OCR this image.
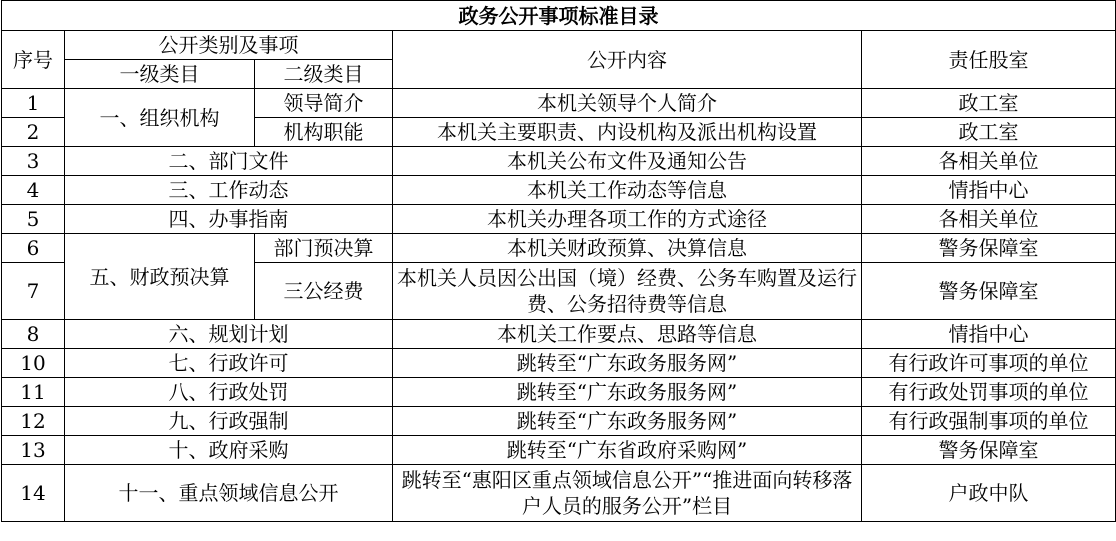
政务公开事项标准目录				
序号	公开类别及事项		公开内容	责任股室
	一级类目	二级类目		
1	一、组织机构	领导简介	本机关领导个人简介	政工室
2		机构职能	本机关主要职责、内设机构及派出机构设置	政工室
3	二、部门文件		本机关公布文件及通知公告	各相关单位
4	三、工作动态		本机关工作动态等信息	情指中心
5	四、办事指南		本机关办理各项工作的方式途径	各相关单位
6	五、财政预决算	部门预决算	本机关财政预算、决算信息	警务保障室
7		三公经费	本机关人员因公出国（境）经费、公务车购置及运行费、公务招待费等信息	警务保障室
8	六、规划计划		本机关工作要点、思路等信息	情指中心
10	七、行政许可		跳转至“广东政务服务网”	有行政许可事项的单位
11	八、行政处罚		跳转至“广东政务服务网”	有行政处罚事项的单位
12	九、行政强制		跳转至“广东政务服务网”	有行政强制事项的单位
13	十、政府采购		跳转至“广东省政府采购网”	警务保障室
14	十一、重点领域信息公开		跳转至“惠阳区重点领域信息公开”“推进面向转移落户人员的服务公开”栏目	户政中队
